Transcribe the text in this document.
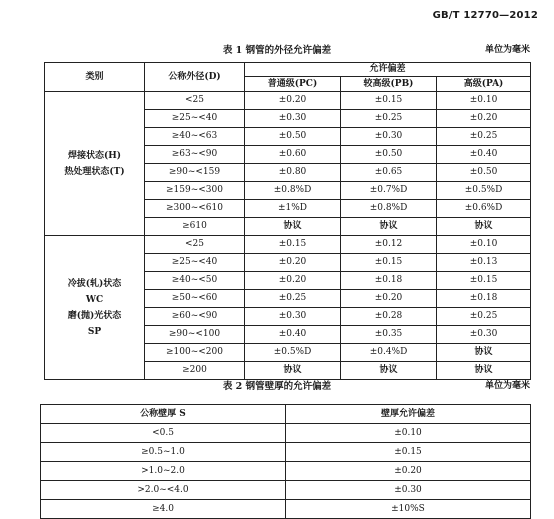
GB/T 12770—2012
表 1 钢管的外径允许偏差	单位为毫米
类别	公称外径(D)	允许偏差		
		普通级(PC)	较高级(PB)	高级(PA)

焊接状态(H)
热处理状态(T)	<25	±0.20	±0.15	±0.10
	≥25~<40	±0.30	±0.25	±0.20
	≥40~<63	±0.50	±0.30	±0.25
	≥63~<90	±0.60	±0.50	±0.40
	≥90~<159	±0.80	±0.65	±0.50
	≥159~<300	±0.8%D	±0.7%D	±0.5%D
	≥300~<610	±1%D	±0.8%D	±0.6%D
	≥610	协议	协议	协议

冷拔(轧)状态
WC
磨(抛)光状态
SP	<25	±0.15	±0.12	±0.10
	≥25~<40	±0.20	±0.15	±0.13
	≥40~<50	±0.20	±0.18	±0.15
	≥50~<60	±0.25	±0.20	±0.18
	≥60~<90	±0.30	±0.28	±0.25
	≥90~<100	±0.40	±0.35	±0.30
	≥100~<200	±0.5%D	±0.4%D	协议
	≥200	协议	协议	协议
表 2 钢管壁厚的允许偏差	单位为毫米
公称壁厚 S	壁厚允许偏差
<0.5	±0.10
≥0.5~1.0	±0.15
>1.0~2.0	±0.20
>2.0~<4.0	±0.30
≥4.0	±10%S
